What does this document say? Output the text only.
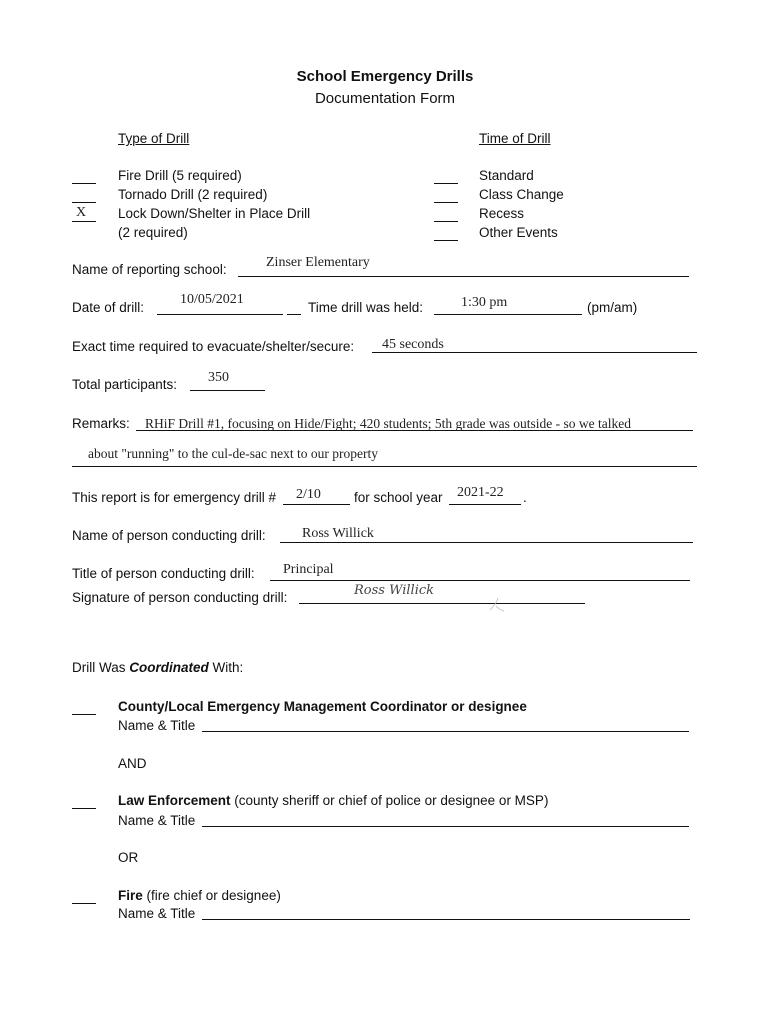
School Emergency Drills
Documentation Form
Type of Drill	Time of Drill
Fire Drill (5 required)
Tornado Drill (2 required)
X Lock Down/Shelter in Place Drill
(2 required)
Standard
Class Change
Recess
Other Events
Name of reporting school:	Zinser Elementary
Date of drill:
10/05/2021
Time drill was held:	1:30 pm	(pm/am)
Exact time required to evacuate/shelter/secure: 45 seconds
Total participants: 350
Remarks: RHiF Drill #1, focusing on Hide/Fight; 420 students; 5th grade was outside - so we talked
about "running" to the cul-de-sac next to our property
This report is for emergency drill # 2/10 for school year 2021-22 .
Name of person conducting drill:	Ross Willick
Title of person conducting drill: Principal
Signature of person conducting drill:	Ross Willick
Drill Was Coordinated With:
County/Local Emergency Management Coordinator or designee
Name & Title
AND
Law Enforcement (county sheriff or chief of police or designee or MSP)
Name & Title
OR
Fire (fire chief or designee)
Name & Title
